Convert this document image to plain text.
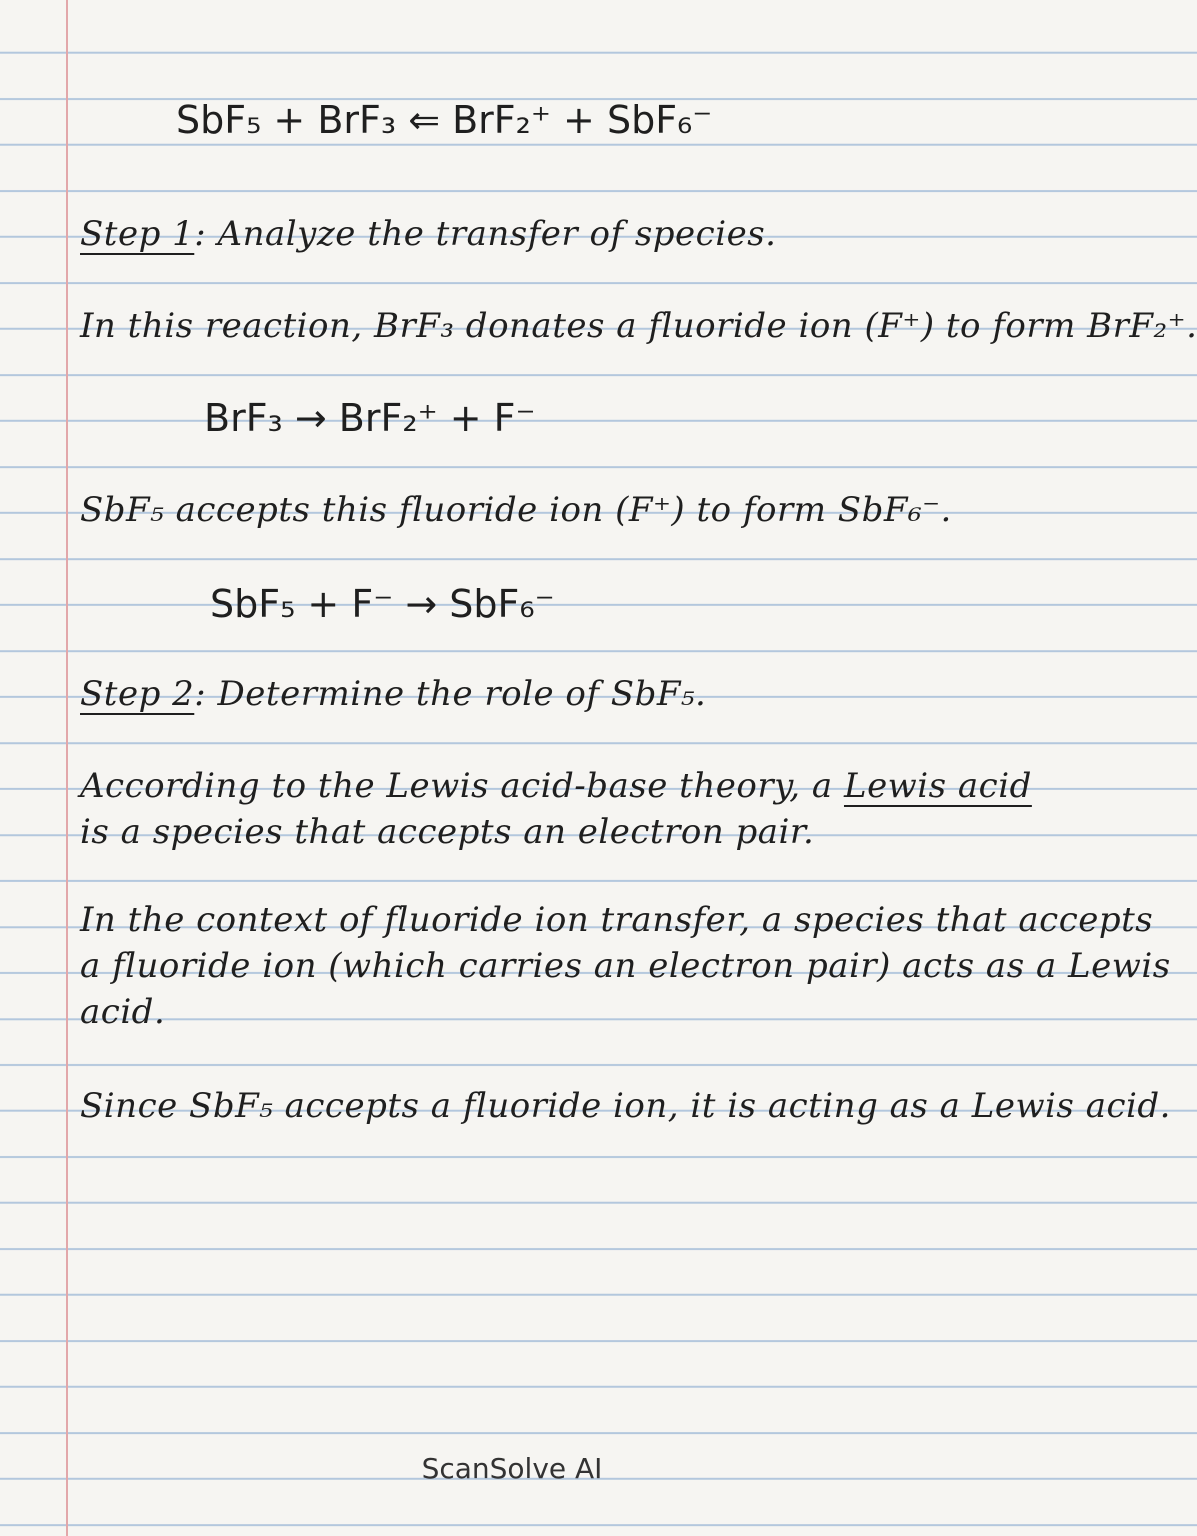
SbF₅ + BrF₃ ⇐ BrF₂⁺ + SbF₆⁻
Step 1: Analyze the transfer of species.
In this reaction, BrF₃ donates a fluoride ion (F⁺) to form BrF₂⁺.
BrF₃ → BrF₂⁺ + F⁻
SbF₅ accepts this fluoride ion (F⁺) to form SbF₆⁻.
SbF₅ + F⁻ → SbF₆⁻
Step 2: Determine the role of SbF₅.
According to the Lewis acid-base theory, a Lewis acid
is a species that accepts an electron pair.
In the context of fluoride ion transfer, a species that accepts
a fluoride ion (which carries an electron pair) acts as a Lewis
acid.
Since SbF₅ accepts a fluoride ion, it is acting as a Lewis acid.
ScanSolve AI
